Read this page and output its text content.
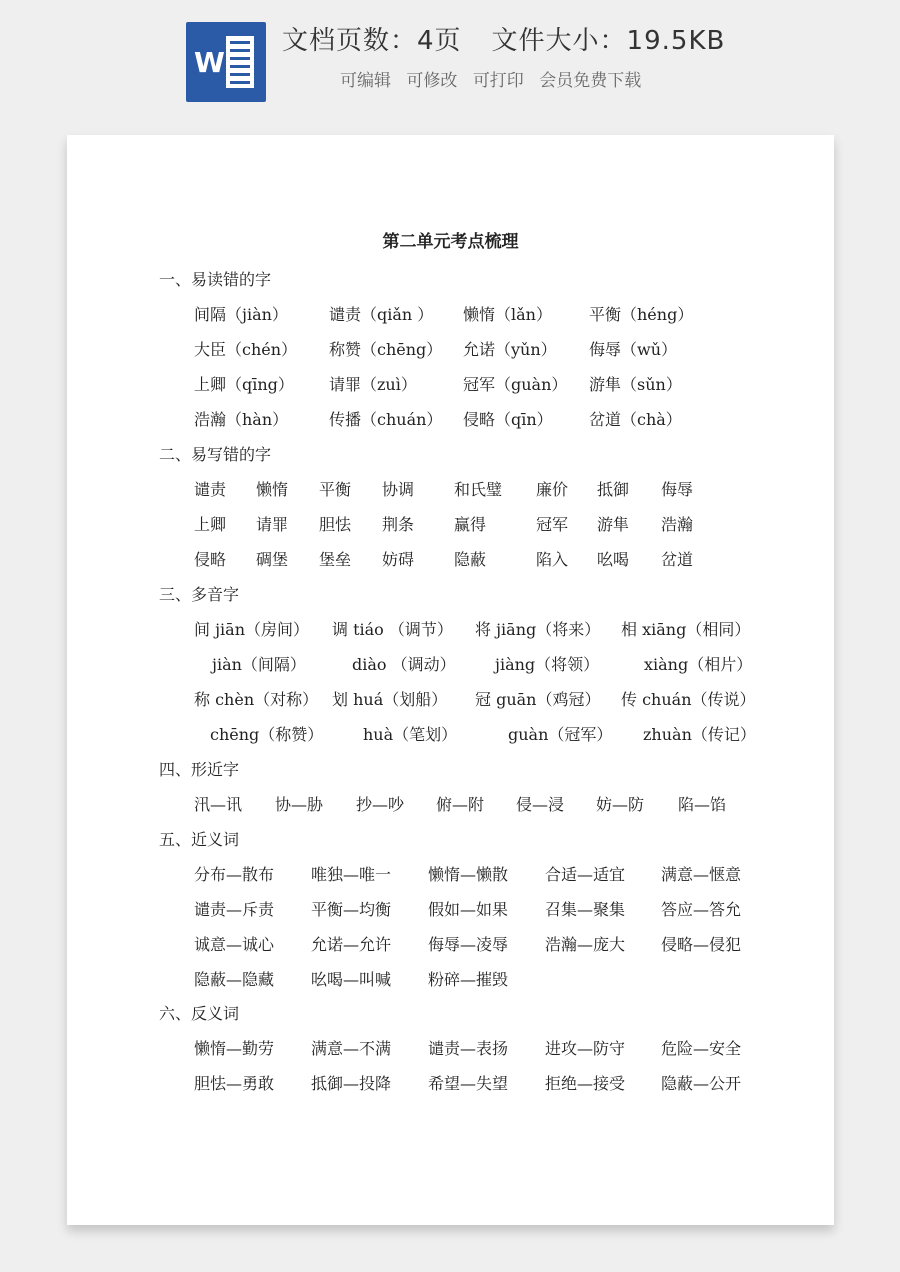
W
文档页数：4页 文件大小：19.5KB
可编辑 可修改 可打印 会员免费下载
第二单元考点梳理
一、易读错的字
间隔（jiàn）	谴责（qiǎn ） 懒惰（lǎn） 平衡（héng）
大臣（chén） 称赞（chēng） 允诺（yǔn） 侮辱（wǔ）
上卿（qīng） 请罪（zuì）	冠军（guàn） 游隼（sǔn）
浩瀚（hàn）	传播（chuán） 侵略（qīn） 岔道（chà）
二、易写错的字
谴责 懒惰 平衡 协调 和氏璧 廉价 抵御 侮辱
上卿 请罪 胆怯 荆条 赢得	冠军 游隼 浩瀚
侵略 碉堡 堡垒 妨碍 隐蔽	陷入 吆喝 岔道
三、多音字
间 jiān（房间） 调 tiáo （调节） 将 jiāng（将来） 相 xiāng（相同）
jiàn（间隔）	diào （调动） jiàng（将领）	xiàng（相片）
称 chèn（对称） 划 huá（划船） 冠 guān（鸡冠） 传 chuán（传说）
chēng（称赞） huà（笔划）	guàn（冠军） zhuàn（传记）
四、形近字
汛—讯 协—胁 抄—吵 俯—附 侵—浸 妨—防 陷—馅
五、近义词
分布—散布 唯独—唯一 懒惰—懒散 合适—适宜 满意—惬意
谴责—斥责 平衡—均衡 假如—如果 召集—聚集 答应—答允
诚意—诚心 允诺—允许 侮辱—凌辱 浩瀚—庞大 侵略—侵犯
隐蔽—隐藏 吆喝—叫喊 粉碎—摧毁
六、反义词
懒惰—勤劳 满意—不满 谴责—表扬 进攻—防守 危险—安全
胆怯—勇敢 抵御—投降 希望—失望 拒绝—接受 隐蔽—公开
